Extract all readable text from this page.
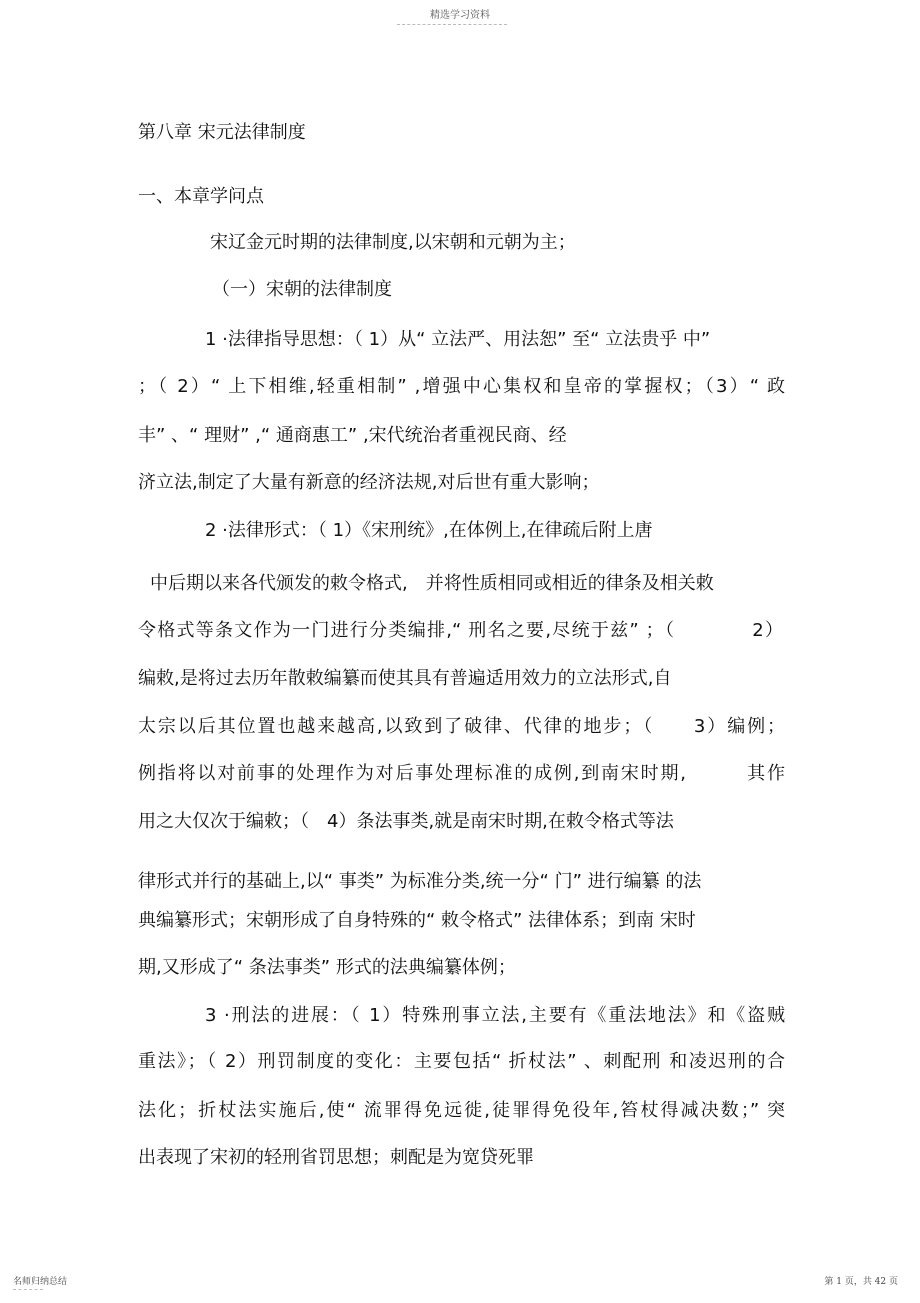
精选学习资料
第八章 宋元法律制度
一、本章学问点
宋辽金元时期的法律制度,以宋朝和元朝为主；
（一）宋朝的法律制度
1 ·法律指导思想：（ 1）从“ 立法严、用法恕” 至“ 立法贵乎 中”
；（ 2）“ 上下相维,轻重相制” ,增强中心集权和皇帝的掌握权；（3）“ 政
丰” 、“ 理财” ,“ 通商惠工” ,宋代统治者重视民商、经
济立法,制定了大量有新意的经济法规,对后世有重大影响；
2 ·法律形式：（ 1）《宋刑统》,在体例上,在律疏后附上唐
中后期以来各代颁发的敕令格式,　并将性质相同或相近的律条及相关敕
令格式等条文作为一门进行分类编排,“ 刑名之要,尽统于兹” ；（　　　　2）
编敕,是将过去历年散敕编纂而使其具有普遍适用效力的立法形式,自
太宗以后其位置也越来越高,以致到了破律、代律的地步；（　　3）编例；
例指将以对前事的处理作为对后事处理标准的成例,到南宋时期,　　　其作
用之大仅次于编敕；（　4）条法事类,就是南宋时期,在敕令格式等法
律形式并行的基础上,以“ 事类” 为标准分类,统一分“ 门” 进行编纂 的法
典编纂形式；宋朝形成了自身特殊的“ 敕令格式” 法律体系；到南 宋时
期,又形成了“ 条法事类” 形式的法典编纂体例；
3 ·刑法的进展：（ 1）特殊刑事立法,主要有《重法地法》和《盗贼
重法》；（ 2）刑罚制度的变化：主要包括“ 折杖法” 、刺配刑 和凌迟刑的合
法化；折杖法实施后,使“ 流罪得免远徙,徒罪得免役年,笞杖得减决数；” 突
出表现了宋初的轻刑省罚思想；刺配是为宽贷死罪
名师归纳总结	第 1 页，共 42 页
